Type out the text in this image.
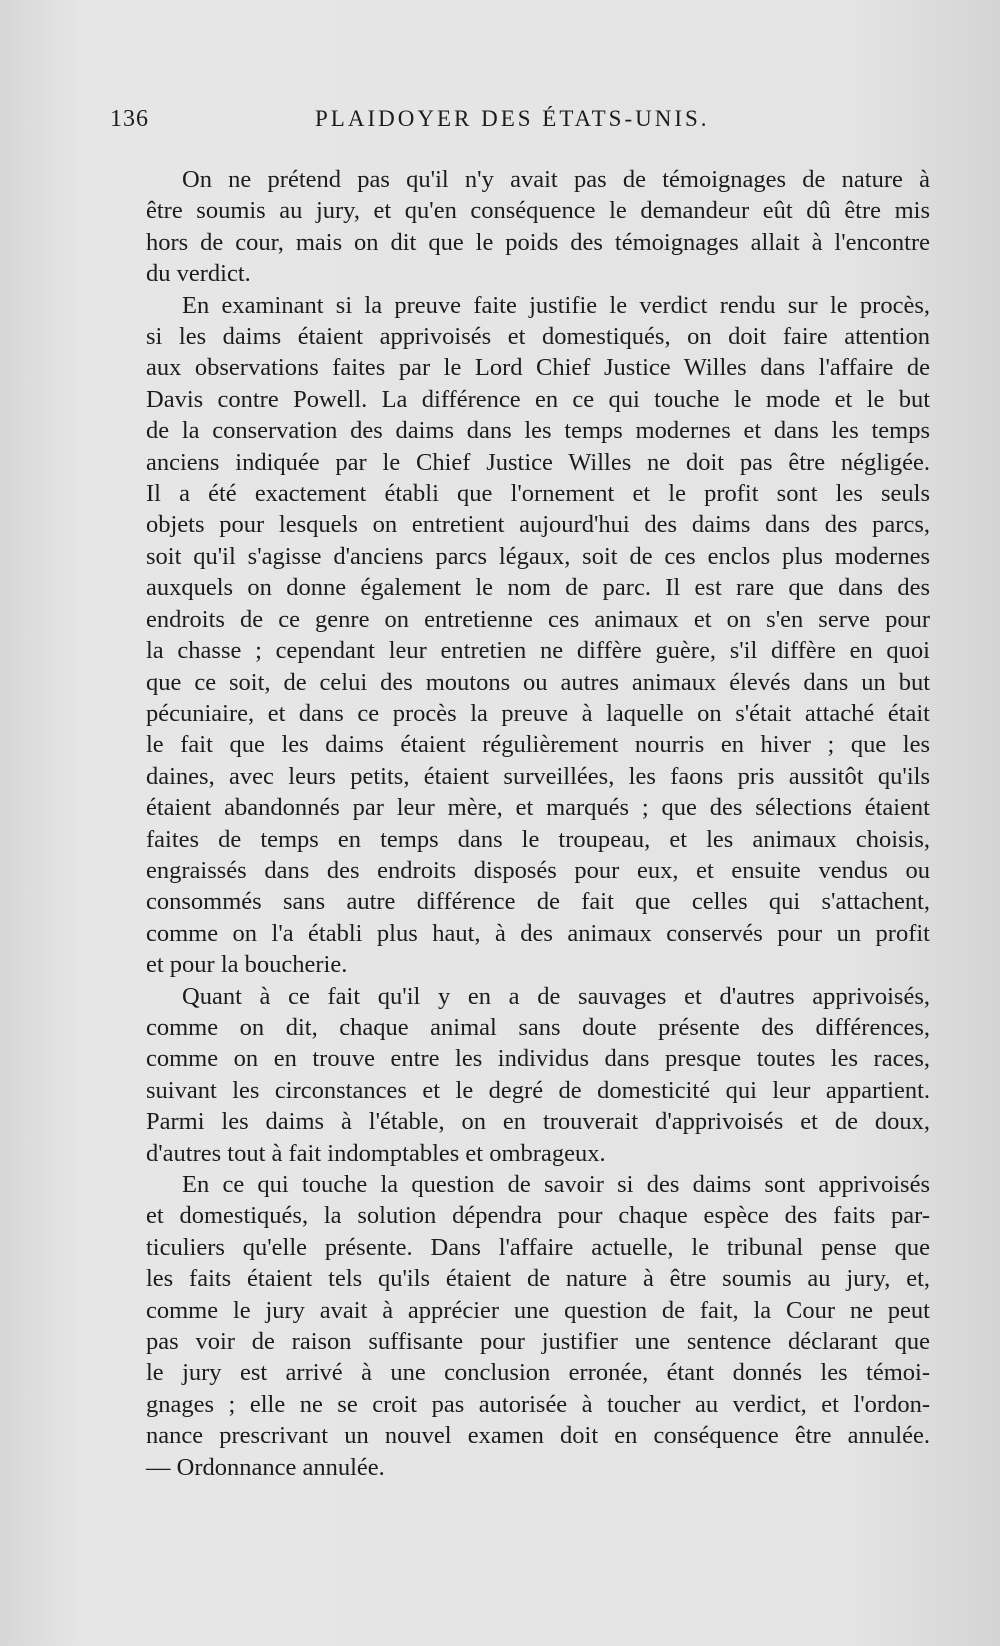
136	PLAIDOYER DES ÉTATS-UNIS.
On ne prétend pas qu'il n'y avait pas de témoignages de nature à
être soumis au jury, et qu'en conséquence le demandeur eût dû être mis
hors de cour, mais on dit que le poids des témoignages allait à l'encontre
du verdict.
En examinant si la preuve faite justifie le verdict rendu sur le procès,
si les daims étaient apprivoisés et domestiqués, on doit faire attention
aux observations faites par le Lord Chief Justice Willes dans l'affaire de
Davis contre Powell. La différence en ce qui touche le mode et le but
de la conservation des daims dans les temps modernes et dans les temps
anciens indiquée par le Chief Justice Willes ne doit pas être négligée.
Il a été exactement établi que l'ornement et le profit sont les seuls
objets pour lesquels on entretient aujourd'hui des daims dans des parcs,
soit qu'il s'agisse d'anciens parcs légaux, soit de ces enclos plus modernes
auxquels on donne également le nom de parc. Il est rare que dans des
endroits de ce genre on entretienne ces animaux et on s'en serve pour
la chasse ; cependant leur entretien ne diffère guère, s'il diffère en quoi
que ce soit, de celui des moutons ou autres animaux élevés dans un but
pécuniaire, et dans ce procès la preuve à laquelle on s'était attaché était
le fait que les daims étaient régulièrement nourris en hiver ; que les
daines, avec leurs petits, étaient surveillées, les faons pris aussitôt qu'ils
étaient abandonnés par leur mère, et marqués ; que des sélections étaient
faites de temps en temps dans le troupeau, et les animaux choisis,
engraissés dans des endroits disposés pour eux, et ensuite vendus ou
consommés sans autre différence de fait que celles qui s'attachent,
comme on l'a établi plus haut, à des animaux conservés pour un profit
et pour la boucherie.
Quant à ce fait qu'il y en a de sauvages et d'autres apprivoisés,
comme on dit, chaque animal sans doute présente des différences,
comme on en trouve entre les individus dans presque toutes les races,
suivant les circonstances et le degré de domesticité qui leur appartient.
Parmi les daims à l'étable, on en trouverait d'apprivoisés et de doux,
d'autres tout à fait indomptables et ombrageux.
En ce qui touche la question de savoir si des daims sont apprivoisés
et domestiqués, la solution dépendra pour chaque espèce des faits par-
ticuliers qu'elle présente. Dans l'affaire actuelle, le tribunal pense que
les faits étaient tels qu'ils étaient de nature à être soumis au jury, et,
comme le jury avait à apprécier une question de fait, la Cour ne peut
pas voir de raison suffisante pour justifier une sentence déclarant que
le jury est arrivé à une conclusion erronée, étant donnés les témoi-
gnages ; elle ne se croit pas autorisée à toucher au verdict, et l'ordon-
nance prescrivant un nouvel examen doit en conséquence être annulée.
— Ordonnance annulée.
